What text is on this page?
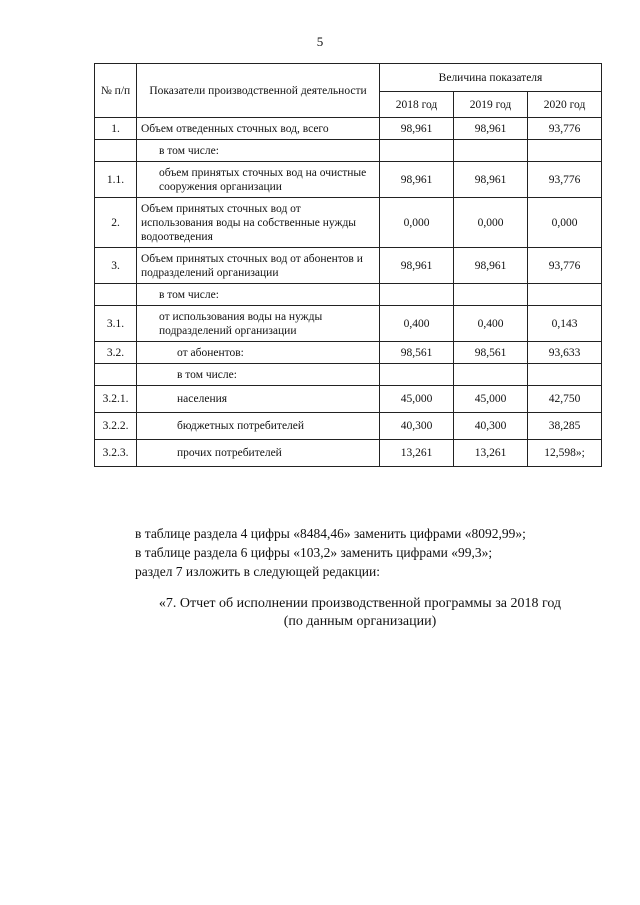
5
№ п/п	Показатели производственной деятельности	Величина показателя		
		2018 год	2019 год	2020 год
1.	Объем отведенных сточных вод, всего	98,961	98,961	93,776
	в том числе:			
1.1.	объем принятых сточных вод на очистные сооружения организации	98,961	98,961	93,776
2.	Объем принятых сточных вод от использования воды на собственные нужды водоотведения	0,000	0,000	0,000
3.	Объем принятых сточных вод от абонентов и подразделений организации	98,961	98,961	93,776
	в том числе:			
3.1.	от использования воды на нужды подразделений организации	0,400	0,400	0,143
3.2.	от абонентов:	98,561	98,561	93,633
	в том числе:			
3.2.1.	населения	45,000	45,000	42,750
3.2.2.	бюджетных потребителей	40,300	40,300	38,285
3.2.3.	прочих потребителей	13,261	13,261	12,598»;

в таблице раздела 4 цифры «8484,46» заменить цифрами «8092,99»;

в таблице раздела 6 цифры «103,2» заменить цифрами «99,3»;

раздел 7 изложить в следующей редакции:

«7. Отчет об исполнении производственной программы за 2018 год

(по данным организации)
